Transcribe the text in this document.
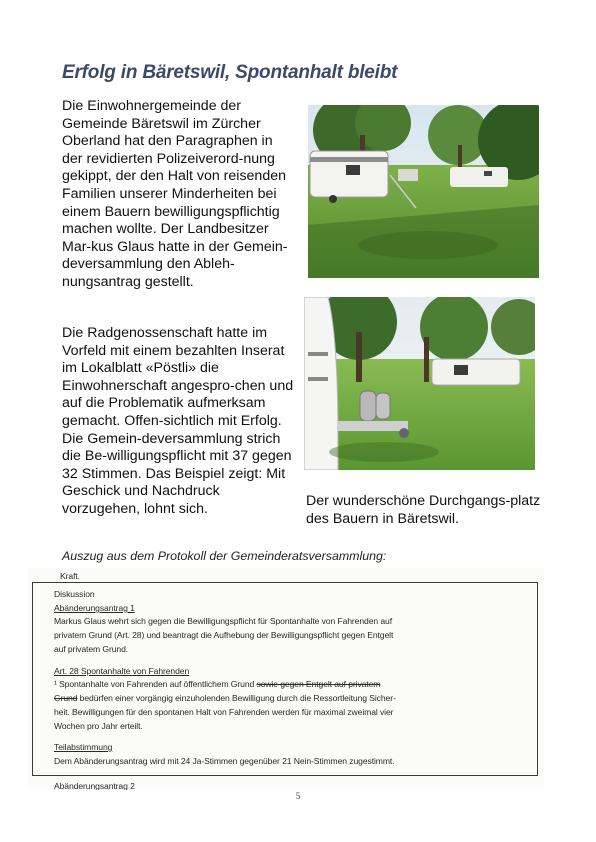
Erfolg in Bäretswil, Spontanhalt bleibt
Die Einwohnergemeinde der Gemeinde Bäretswil im Zürcher Oberland hat den Paragraphen in der revidierten Polizeiverord-nung gekippt, der den Halt von reisenden Familien unserer Minderheiten bei einem Bauern bewilligungspflichtig machen wollte. Der Landbesitzer Mar-kus Glaus hatte in der Gemein-deversammlung den Ableh-nungsantrag gestellt.
Die Radgenossenschaft hatte im Vorfeld mit einem bezahlten Inserat im Lokalblatt «Pöstli» die Einwohnerschaft angespro-chen und auf die Problematik aufmerksam gemacht. Offen-sichtlich mit Erfolg. Die Gemein-deversammlung strich die Be-willigungspflicht mit 37 gegen 32 Stimmen. Das Beispiel zeigt: Mit Geschick und Nachdruck vorzugehen, lohnt sich.	Der wunderschöne Durchgangs-platz des Bauern in Bäretswil.
Auszug aus dem Protokoll der Gemeinderatsversammlung:
Kraft.
Diskussion
Abänderungsantrag 1
Markus Glaus wehrt sich gegen die Bewilligungspflicht für Spontanhalte von Fahrenden auf
privatem Grund (Art. 28) und beantragt die Aufhebung der Bewilligungspflicht gegen Entgelt
auf privatem Grund.
Art. 28 Spontanhalte von Fahrenden
¹ Spontanhalte von Fahrenden auf öffentlichem Grund sowie gegen Entgelt auf privatem
Grund bedürfen einer vorgängig einzuholenden Bewilligung durch die Ressortleitung Sicher-
heit. Bewilligungen für den spontanen Halt von Fahrenden werden für maximal zweimal vier
Wochen pro Jahr erteilt.
Teilabstimmung
Dem Abänderungsantrag wird mit 24 Ja-Stimmen gegenüber 21 Nein-Stimmen zugestimmt.
Abänderungsantrag 2
5
